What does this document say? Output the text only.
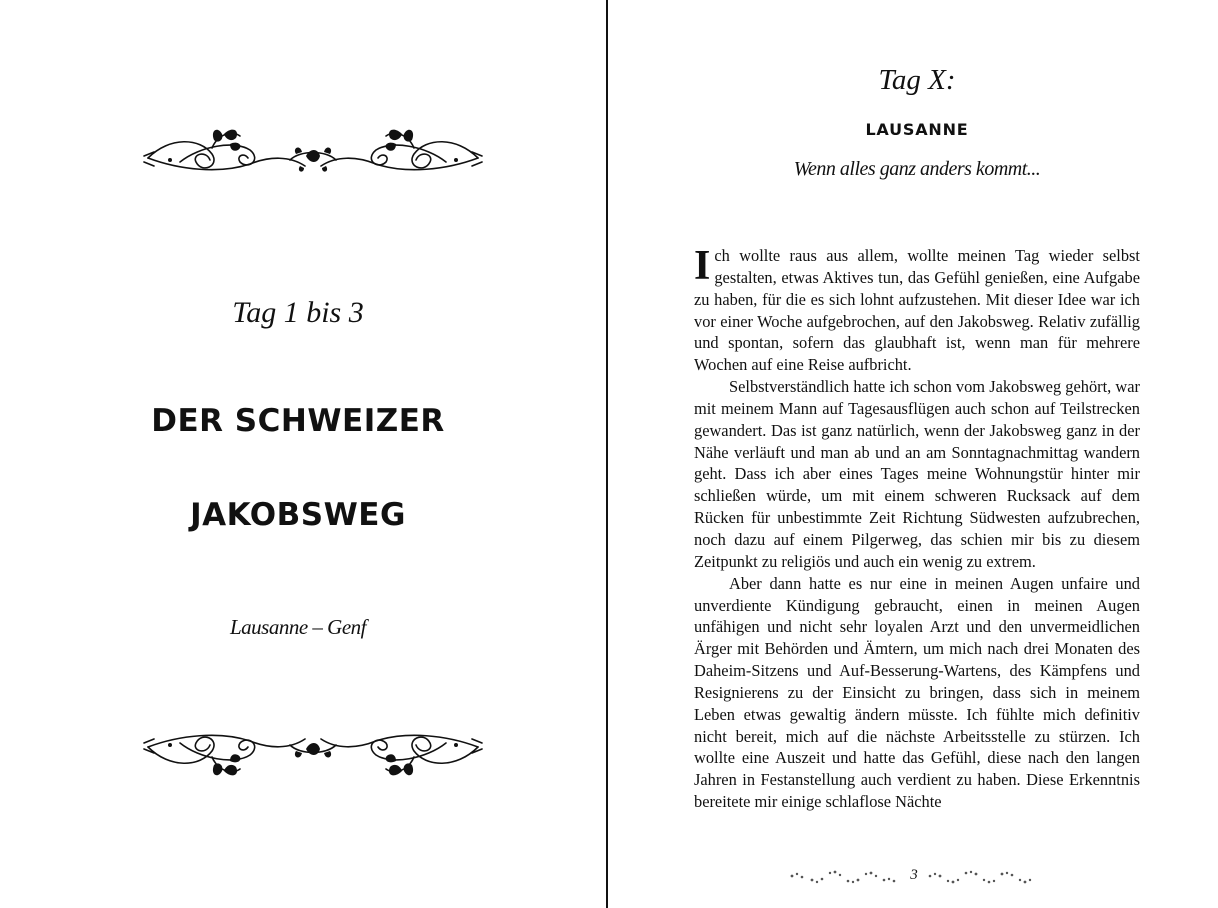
Tag 1 bis 3
DER SCHWEIZER
JAKOBSWEG
Lausanne – Genf
Tag X:
LAUSANNE
Wenn alles ganz anders kommt...

Ich wollte raus aus allem, wollte meinen Tag wieder selbst gestalten, etwas Aktives tun, das Gefühl genießen, eine Aufgabe zu haben, für die es sich lohnt aufzustehen. Mit dieser Idee war ich vor einer Woche aufgebrochen, auf den Jakobsweg. Relativ zufällig und spontan, sofern das glaubhaft ist, wenn man für mehrere Wochen auf eine Reise aufbricht.

Selbstverständlich hatte ich schon vom Jakobsweg gehört, war mit meinem Mann auf Tagesausflügen auch schon auf Teilstrecken gewandert. Das ist ganz natürlich, wenn der Jakobsweg ganz in der Nähe verläuft und man ab und an am Sonntagnachmittag wandern geht. Dass ich aber eines Tages meine Wohnungstür hinter mir schließen würde, um mit einem schweren Rucksack auf dem Rücken für unbestimmte Zeit Richtung Südwesten aufzubrechen, noch dazu auf einem Pilgerweg, das schien mir bis zu diesem Zeitpunkt zu religiös und auch ein wenig zu extrem.

Aber dann hatte es nur eine in meinen Augen unfaire und unverdiente Kündigung gebraucht, einen in meinen Augen unfähigen und nicht sehr loyalen Arzt und den unvermeidlichen Ärger mit Behörden und Ämtern, um mich nach drei Monaten des Daheim-Sitzens und Auf-Besserung-Wartens, des Kämpfens und Resignierens zu der Einsicht zu bringen, dass sich in meinem Leben etwas gewaltig ändern müsste. Ich fühlte mich definitiv nicht bereit, mich auf die nächste Arbeitsstelle zu stürzen. Ich wollte eine Auszeit und hatte das Gefühl, diese nach den langen Jahren in Festanstellung auch verdient zu haben. Diese Erkenntnis bereitete mir einige schlaflose Nächte

3
